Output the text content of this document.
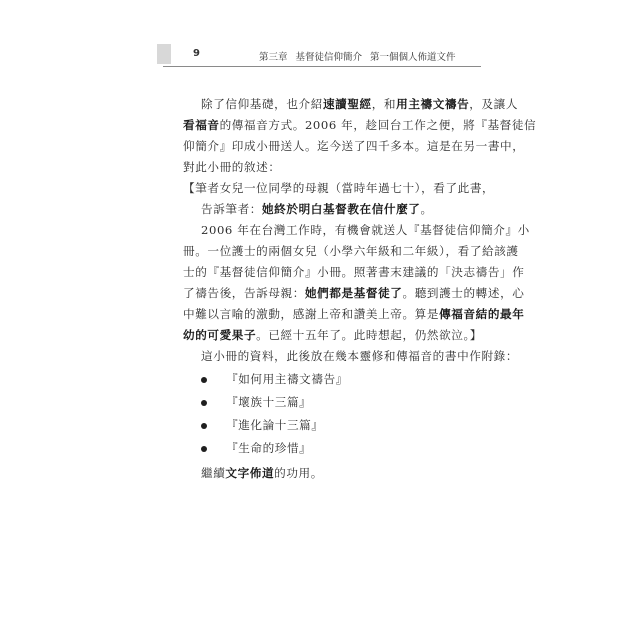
9	第三章 基督徒信仰簡介 第一個個人佈道文件
除了信仰基礎，也介紹速讀聖經，和用主禱文禱告，及讓人
看福音的傳福音方式。2006 年，趁回台工作之便，將『基督徒信
仰簡介』印成小冊送人。迄今送了四千多本。這是在另一書中，
對此小冊的敘述：
【筆者女兒一位同學的母親（當時年過七十），看了此書，
告訴筆者：她終於明白基督教在信什麼了。
2006 年在台灣工作時，有機會就送人『基督徒信仰簡介』小
冊。一位護士的兩個女兒（小學六年級和二年級），看了給該護
士的『基督徒信仰簡介』小冊。照著書末建議的「決志禱告」作
了禱告後，告訴母親：她們都是基督徒了。聽到護士的轉述，心
中難以言喻的激動，感謝上帝和讚美上帝。算是傳福音結的最年
幼的可愛果子。已經十五年了。此時想起，仍然欲泣。】
這小冊的資料，此後放在幾本靈修和傳福音的書中作附錄：
『如何用主禱文禱告』
『壞族十三篇』
『進化論十三篇』
『生命的珍惜』
繼續文字佈道的功用。
